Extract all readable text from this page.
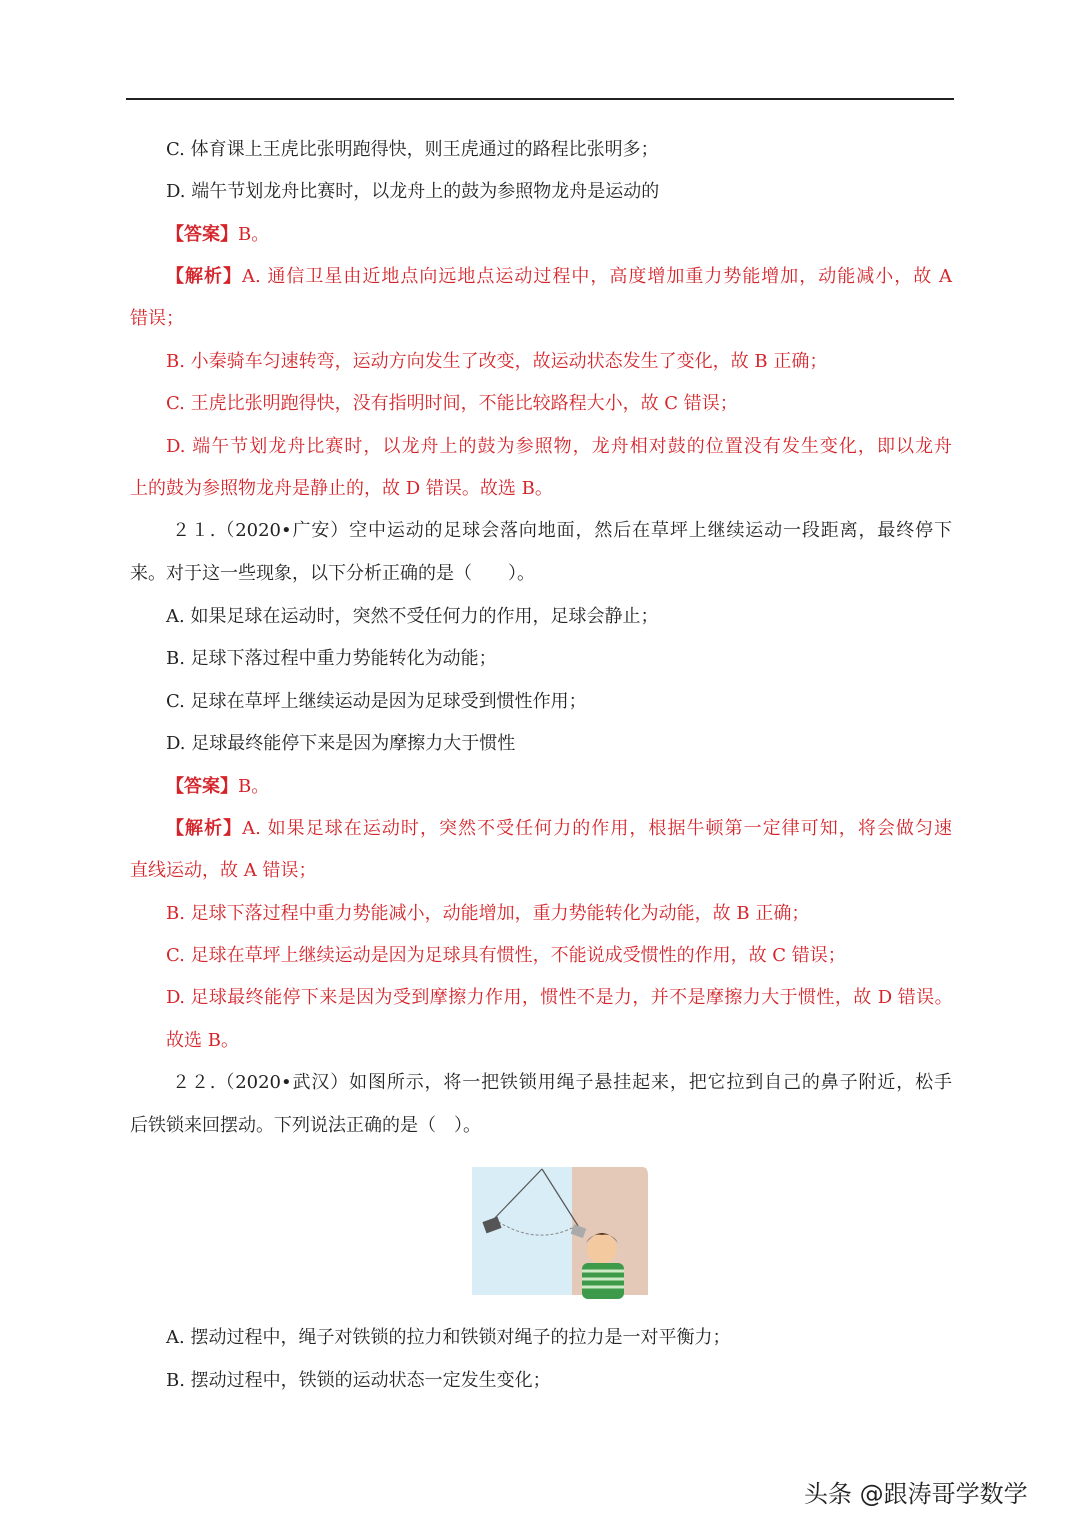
C. 体育课上王虎比张明跑得快，则王虎通过的路程比张明多；
D. 端午节划龙舟比赛时，以龙舟上的鼓为参照物龙舟是运动的
【答案】B。
【解析】A. 通信卫星由近地点向远地点运动过程中，高度增加重力势能增加，动能减小，故 A
错误；
B. 小秦骑车匀速转弯，运动方向发生了改变，故运动状态发生了变化，故 B 正确；
C. 王虎比张明跑得快，没有指明时间，不能比较路程大小，故 C 错误；
D. 端午节划龙舟比赛时，以龙舟上的鼓为参照物，龙舟相对鼓的位置没有发生变化，即以龙舟
上的鼓为参照物龙舟是静止的，故 D 错误。故选 B。
２１.（2020•广安）空中运动的足球会落向地面，然后在草坪上继续运动一段距离，最终停下
来。对于这一些现象，以下分析正确的是（　　）。
A. 如果足球在运动时，突然不受任何力的作用，足球会静止；
B. 足球下落过程中重力势能转化为动能；
C. 足球在草坪上继续运动是因为足球受到惯性作用；
D. 足球最终能停下来是因为摩擦力大于惯性
【答案】B。
【解析】A. 如果足球在运动时，突然不受任何力的作用，根据牛顿第一定律可知，将会做匀速
直线运动，故 A 错误；
B. 足球下落过程中重力势能减小，动能增加，重力势能转化为动能，故 B 正确；
C. 足球在草坪上继续运动是因为足球具有惯性，不能说成受惯性的作用，故 C 错误；
D. 足球最终能停下来是因为受到摩擦力作用，惯性不是力，并不是摩擦力大于惯性，故 D 错误。
故选 B。
２２.（2020•武汉）如图所示，将一把铁锁用绳子悬挂起来，把它拉到自己的鼻子附近，松手
后铁锁来回摆动。下列说法正确的是（　）。
A. 摆动过程中，绳子对铁锁的拉力和铁锁对绳子的拉力是一对平衡力；
B. 摆动过程中，铁锁的运动状态一定发生变化；
头条 @跟涛哥学数学
